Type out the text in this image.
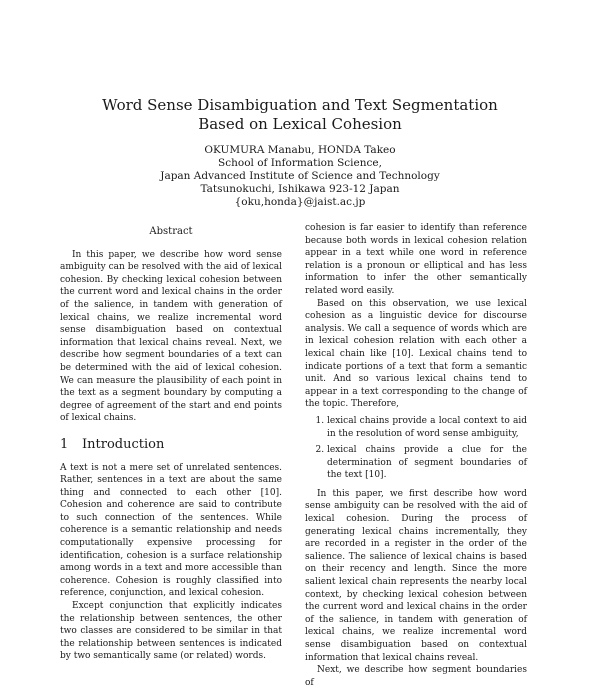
Word Sense Disambiguation and Text Segmentation
Based on Lexical Cohesion
OKUMURA Manabu, HONDA Takeo
School of Information Science,
Japan Advanced Institute of Science and Technology
Tatsunokuchi, Ishikawa 923-12 Japan
{oku,honda}@jaist.ac.jp
Abstract

In this paper, we describe how word sense ambiguity can be resolved with the aid of lexical cohesion. By checking lexical cohesion between the current word and lexical chains in the order of the salience, in tandem with generation of lexical chains, we realize incremental word sense disambiguation based on contextual information that lexical chains reveal. Next, we describe how segment boundaries of a text can be determined with the aid of lexical cohesion. We can measure the plausibility of each point in the text as a segment boundary by computing a degree of agreement of the start and end points of lexical chains.

1 Introduction

A text is not a mere set of unrelated sentences. Rather, sentences in a text are about the same thing and connected to each other [10]. Cohesion and coherence are said to contribute to such connection of the sentences. While coherence is a semantic relationship and needs computationally expensive processing for identification, cohesion is a surface relationship among words in a text and more accessible than coherence. Cohesion is roughly classified into reference, conjunction, and lexical cohesion.

Except conjunction that explicitly indicates the relationship between sentences, the other two classes are considered to be similar in that the relationship between sentences is indicated by two semantically same (or related) words.

cohesion is far easier to identify than reference because both words in lexical cohesion relation appear in a text while one word in reference relation is a pronoun or elliptical and has less information to infer the other semantically related word easily.

Based on this observation, we use lexical cohesion as a linguistic device for discourse analysis. We call a sequence of words which are in lexical cohesion relation with each other a lexical chain like [10]. Lexical chains tend to indicate portions of a text that form a semantic unit. And so various lexical chains tend to appear in a text corresponding to the change of the topic. Therefore,

1. lexical chains provide a local context to aid in the resolution of word sense ambiguity,
2. lexical chains provide a clue for the determination of segment boundaries of the text [10].

In this paper, we first describe how word sense ambiguity can be resolved with the aid of lexical cohesion. During the process of generating lexical chains incrementally, they are recorded in a register in the order of the salience. The salience of lexical chains is based on their recency and length. Since the more salient lexical chain represents the nearby local context, by checking lexical cohesion between the current word and lexical chains in the order of the salience, in tandem with generation of lexical chains, we realize incremental word sense disambiguation based on contextual information that lexical chains reveal.

Next, we describe how segment boundaries of
